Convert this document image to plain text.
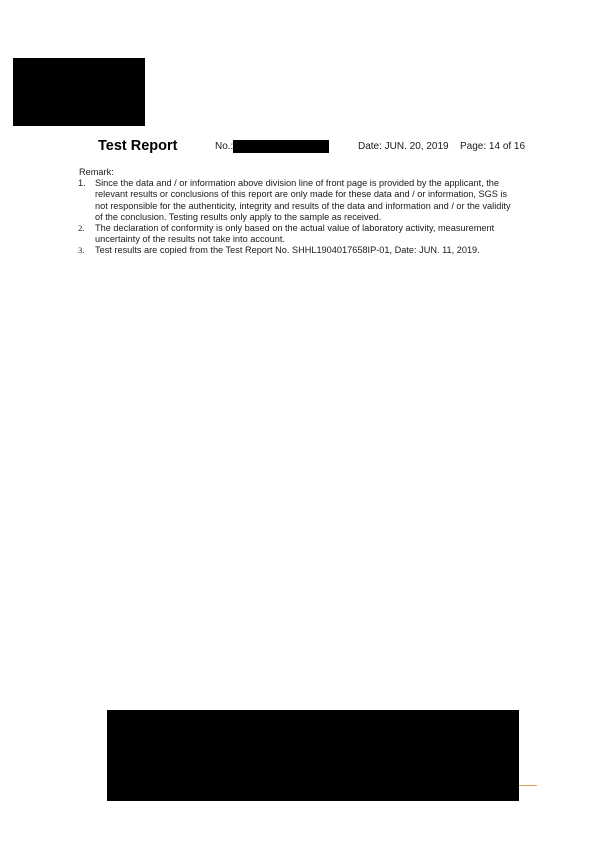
Test Report	No.:	Date: JUN. 20, 2019 Page: 14 of 16
Remark:
1. Since the data and / or information above division line of front page is provided by the applicant, the relevant results or conclusions of this report are only made for these data and / or information, SGS is not responsible for the authenticity, integrity and results of the data and information and / or the validity of the conclusion. Testing results only apply to the sample as received.
2. The declaration of conformity is only based on the actual value of laboratory activity, measurement uncertainty of the results not take into account.
3. Test results are copied from the Test Report No. SHHL1904017658IP-01, Date: JUN. 11, 2019.
